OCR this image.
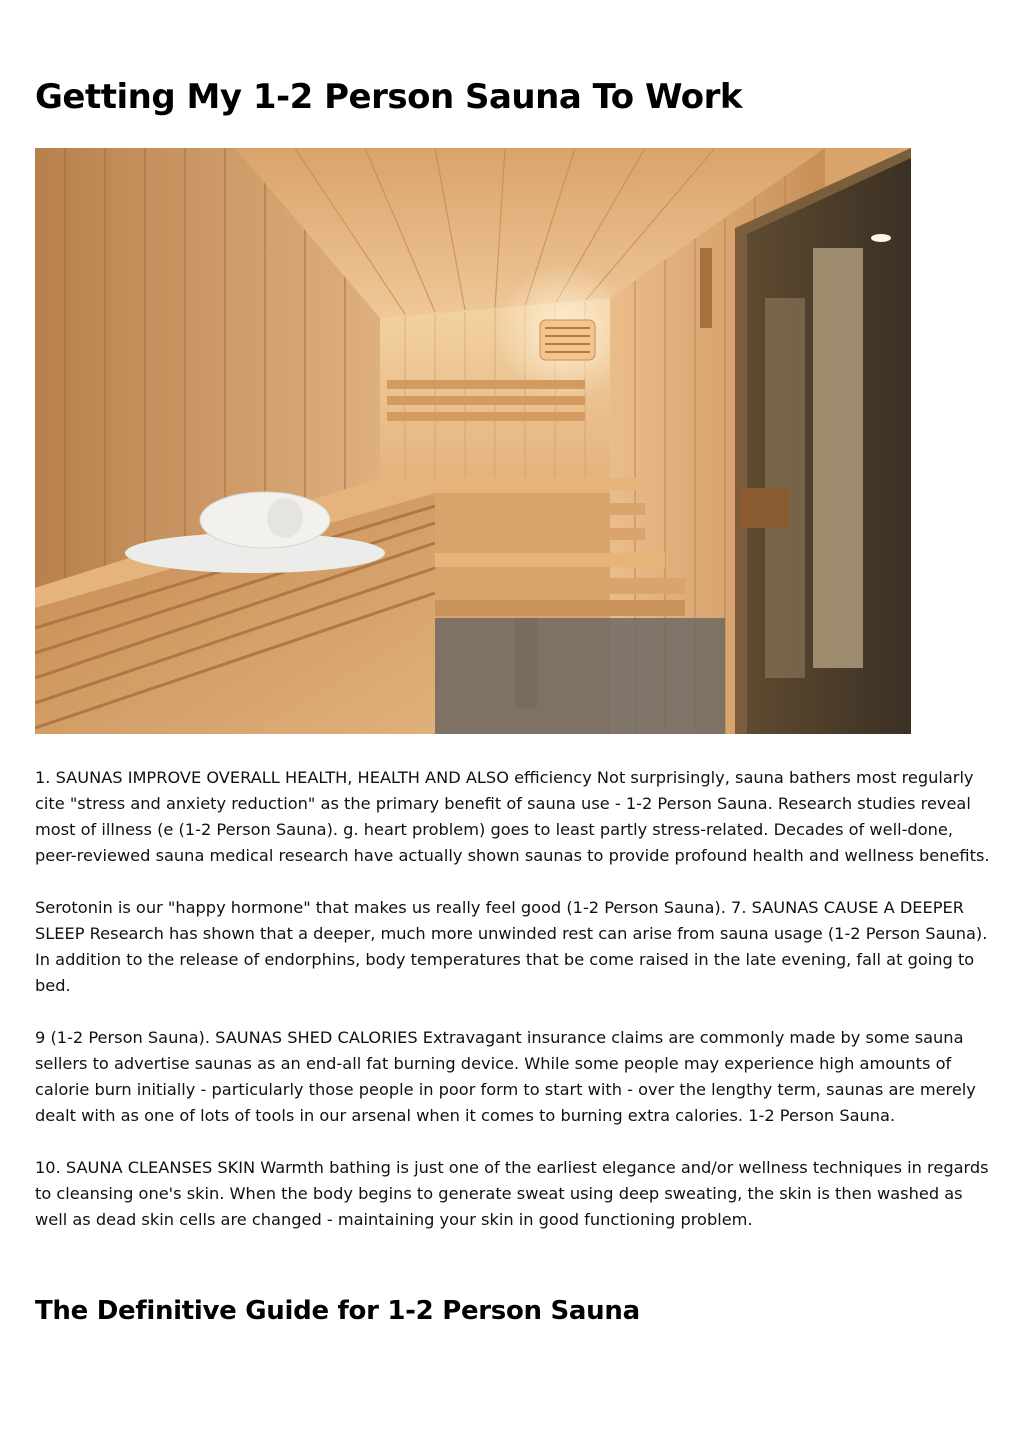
Getting My 1-2 Person Sauna To Work

1. SAUNAS IMPROVE OVERALL HEALTH, HEALTH AND ALSO efficiency Not surprisingly, sauna bathers most regularly cite "stress and anxiety reduction" as the primary benefit of sauna use - 1-2 Person Sauna. Research studies reveal most of illness (e (1-2 Person Sauna). g. heart problem) goes to least partly stress-related. Decades of well-done, peer-reviewed sauna medical research have actually shown saunas to provide profound health and wellness benefits.

Serotonin is our "happy hormone" that makes us really feel good (1-2 Person Sauna). 7. SAUNAS CAUSE A DEEPER SLEEP Research has shown that a deeper, much more unwinded rest can arise from sauna usage (1-2 Person Sauna). In addition to the release of endorphins, body temperatures that be come raised in the late evening, fall at going to bed.

9 (1-2 Person Sauna). SAUNAS SHED CALORIES Extravagant insurance claims are commonly made by some sauna sellers to advertise saunas as an end-all fat burning device. While some people may experience high amounts of calorie burn initially - particularly those people in poor form to start with - over the lengthy term, saunas are merely dealt with as one of lots of tools in our arsenal when it comes to burning extra calories. 1-2 Person Sauna.

10. SAUNA CLEANSES SKIN Warmth bathing is just one of the earliest elegance and/or wellness techniques in regards to cleansing one's skin. When the body begins to generate sweat using deep sweating, the skin is then washed as well as dead skin cells are changed - maintaining your skin in good functioning problem.

The Definitive Guide for 1-2 Person Sauna
